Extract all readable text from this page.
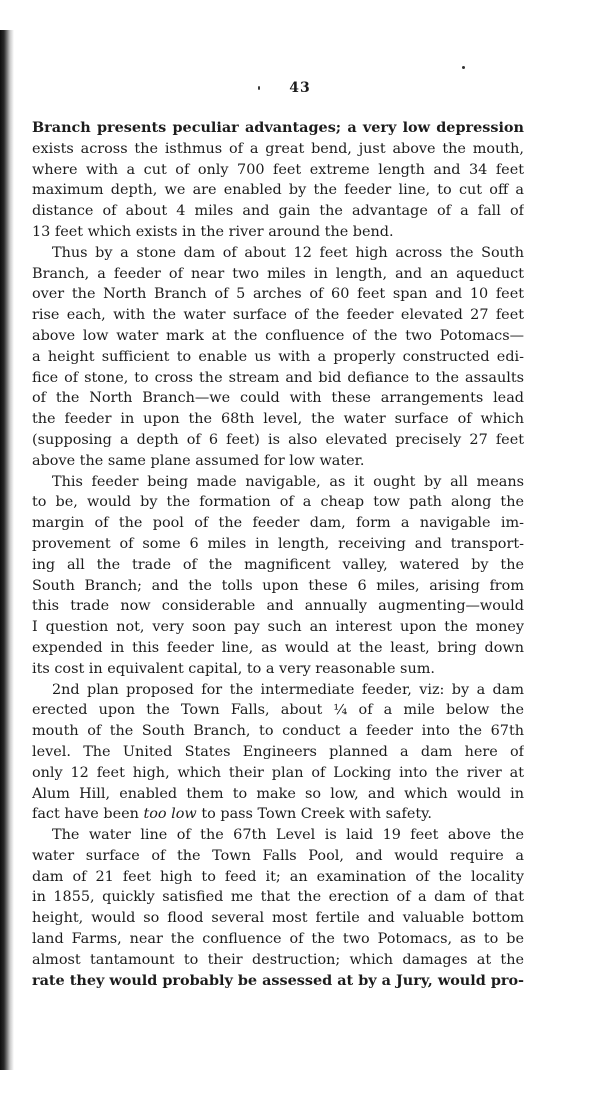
43
Branch presents peculiar advantages; a very low depression
exists across the isthmus of a great bend, just above the mouth,
where with a cut of only 700 feet extreme length and 34 feet
maximum depth, we are enabled by the feeder line, to cut off a
distance of about 4 miles and gain the advantage of a fall of
13 feet which exists in the river around the bend.
Thus by a stone dam of about 12 feet high across the South
Branch, a feeder of near two miles in length, and an aqueduct
over the North Branch of 5 arches of 60 feet span and 10 feet
rise each, with the water surface of the feeder elevated 27 feet
above low water mark at the confluence of the two Potomacs—
a height sufficient to enable us with a properly constructed edi-
fice of stone, to cross the stream and bid defiance to the assaults
of the North Branch—we could with these arrangements lead
the feeder in upon the 68th level, the water surface of which
(supposing a depth of 6 feet) is also elevated precisely 27 feet
above the same plane assumed for low water.
This feeder being made navigable, as it ought by all means
to be, would by the formation of a cheap tow path along the
margin of the pool of the feeder dam, form a navigable im-
provement of some 6 miles in length, receiving and transport-
ing all the trade of the magnificent valley, watered by the
South Branch; and the tolls upon these 6 miles, arising from
this trade now considerable and annually augmenting—would
I question not, very soon pay such an interest upon the money
expended in this feeder line, as would at the least, bring down
its cost in equivalent capital, to a very reasonable sum.
2nd plan proposed for the intermediate feeder, viz: by a dam
erected upon the Town Falls, about ¼ of a mile below the
mouth of the South Branch, to conduct a feeder into the 67th
level. The United States Engineers planned a dam here of
only 12 feet high, which their plan of Locking into the river at
Alum Hill, enabled them to make so low, and which would in
fact have been too low to pass Town Creek with safety.
The water line of the 67th Level is laid 19 feet above the
water surface of the Town Falls Pool, and would require a
dam of 21 feet high to feed it; an examination of the locality
in 1855, quickly satisfied me that the erection of a dam of that
height, would so flood several most fertile and valuable bottom
land Farms, near the confluence of the two Potomacs, as to be
almost tantamount to their destruction; which damages at the
rate they would probably be assessed at by a Jury, would pro-
